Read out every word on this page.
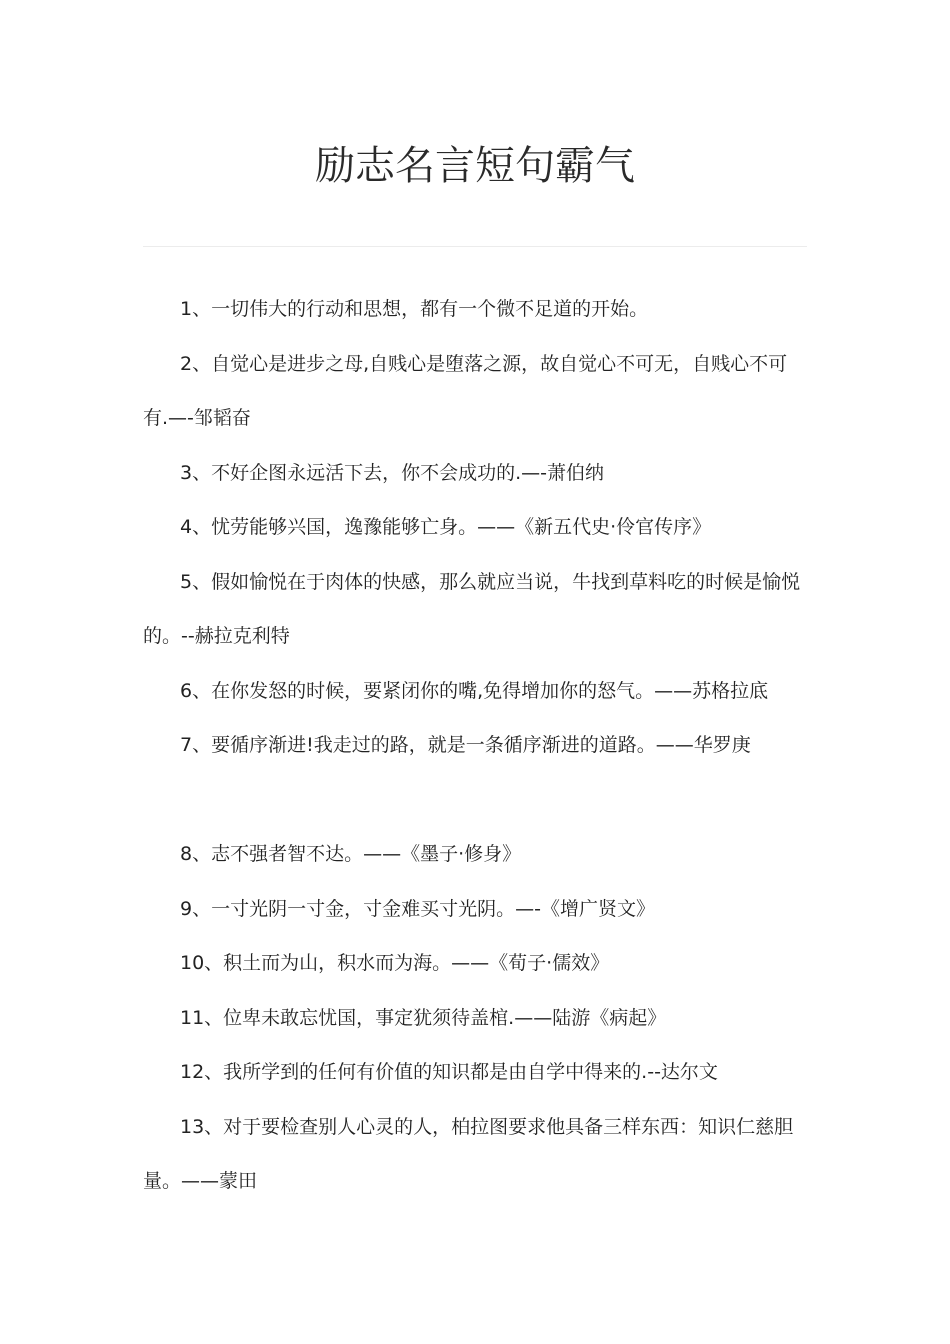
励志名言短句霸气

1、一切伟大的行动和思想，都有一个微不足道的开始。

2、自觉心是进步之母,自贱心是堕落之源，故自觉心不可无，自贱心不可有.—-邹韬奋

3、不好企图永远活下去，你不会成功的.—-萧伯纳

4、忧劳能够兴国，逸豫能够亡身。——《新五代史·伶官传序》

5、假如愉悦在于肉体的快感，那么就应当说，牛找到草料吃的时候是愉悦的。--赫拉克利特

6、在你发怒的时候，要紧闭你的嘴,免得增加你的怒气。——苏格拉底

7、要循序渐进!我走过的路，就是一条循序渐进的道路。——华罗庚

8、志不强者智不达。——《墨子·修身》

9、一寸光阴一寸金，寸金难买寸光阴。—-《增广贤文》

10、积土而为山，积水而为海。——《荀子·儒效》

11、位卑未敢忘忧国，事定犹须待盖棺.——陆游《病起》

12、我所学到的任何有价值的知识都是由自学中得来的.--达尔文

13、对于要检查别人心灵的人，柏拉图要求他具备三样东西：知识仁慈胆量。——蒙田
